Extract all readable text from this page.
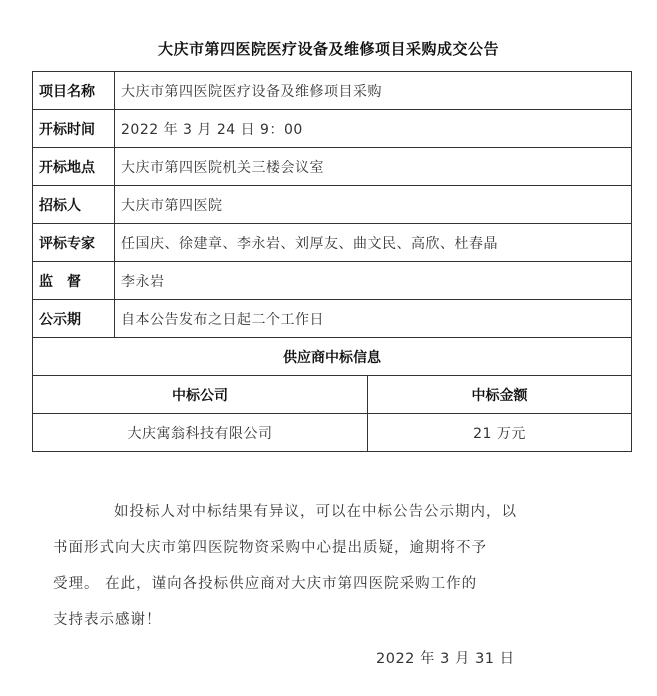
大庆市第四医院医疗设备及维修项目采购成交公告
项目名称	大庆市第四医院医疗设备及维修项目采购	
开标时间	2022 年 3 月 24 日 9：00	
开标地点	大庆市第四医院机关三楼会议室	
招标人	大庆市第四医院	
评标专家	任国庆、徐建章、李永岩、刘厚友、曲文民、高欣、杜春晶	
监　督	李永岩	
公示期	自本公告发布之日起二个工作日	
供应商中标信息		
中标公司		中标金额
大庆寓翁科技有限公司		21 万元
如投标人对中标结果有异议，可以在中标公告公示期内，以
书面形式向大庆市第四医院物资采购中心提出质疑，逾期将不予
受理。 在此，谨向各投标供应商对大庆市第四医院采购工作的
支持表示感谢！
2022 年 3 月 31 日
